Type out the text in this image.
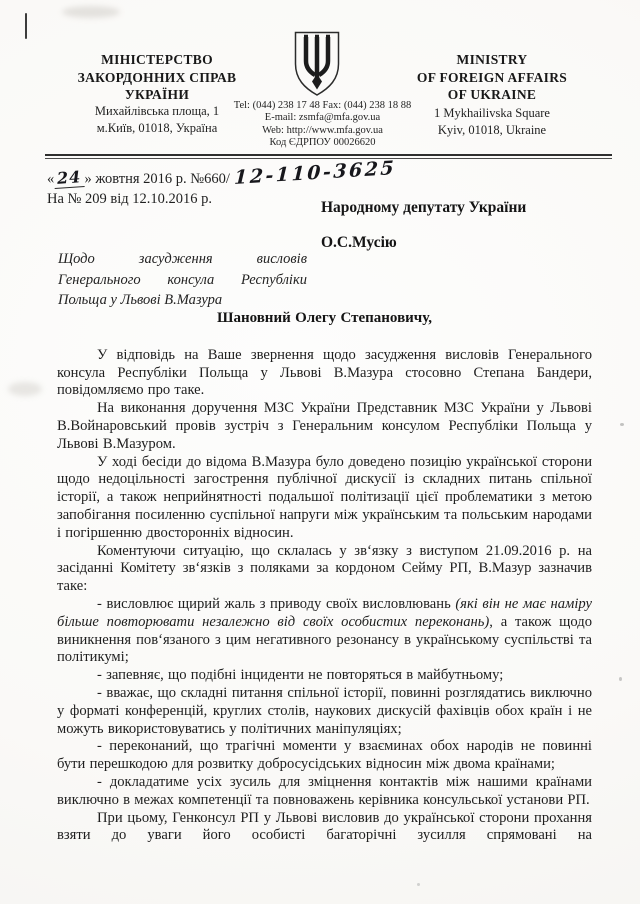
МІНІСТЕРСТВО
ЗАКОРДОННИХ СПРАВ
УКРАЇНИ
Михайлівська площа, 1
м.Київ, 01018, Україна
MINISTRY
OF FOREIGN AFFAIRS
OF UKRAINE
1 Mykhailivska Square
Kyiv, 01018, Ukraine
Tel: (044) 238 17 48 Fax: (044) 238 18 88
E-mail: zsmfa@mfa.gov.ua
Web: http://www.mfa.gov.ua
Код ЄДРПОУ 00026620
« 24 » жовтня 2016 р. №660/ 12-110-3625
На № 209 від 12.10.2016 р.	Народному депутату України
О.С.Мусію
Щодо засудження висловів Генерального консула Республіки Польща у Львові В.Мазура

Шановний Олегу Степановичу,

У відповідь на Ваше звернення щодо засудження висловів Генерального консула Республіки Польща у Львові В.Мазура стосовно Степана Бандери, повідомляємо про таке.

На виконання доручення МЗС України Представник МЗС України у Львові В.Войнаровський провів зустріч з Генеральним консулом Республіки Польща у Львові В.Мазуром.

У ході бесіди до відома В.Мазура було доведено позицію української сторони щодо недоцільності загострення публічної дискусії із складних питань спільної історії, а також неприйнятності подальшої політизації цієї проблематики з метою запобігання посиленню суспільної напруги між українським та польським народами і погіршенню двосторонніх відносин.

Коментуючи ситуацію, що склалась у зв‘язку з виступом 21.09.2016 р. на засіданні Комітету зв‘язків з поляками за кордоном Сейму РП, В.Мазур зазначив таке:

- висловлює щирий жаль з приводу своїх висловлювань (які він не має наміру більше повторювати незалежно від своїх особистих переконань), а також щодо виникнення пов‘язаного з цим негативного резонансу в українському суспільстві та політикумі;

- запевняє, що подібні інциденти не повторяться в майбутньому;

- вважає, що складні питання спільної історії, повинні розглядатись виключно у форматі конференцій, круглих столів, наукових дискусій фахівців обох країн і не можуть використовуватись у політичних маніпуляціях;

- переконаний, що трагічні моменти у взаєминах обох народів не повинні бути перешкодою для розвитку добросусідських відносин між двома країнами;

- докладатиме усіх зусиль для зміцнення контактів між нашими країнами виключно в межах компетенції та повноважень керівника консульської установи РП.

При цьому, Генконсул РП у Львові висловив до української сторони прохання взяти до уваги його особисті багаторічні зусилля спрямовані на
